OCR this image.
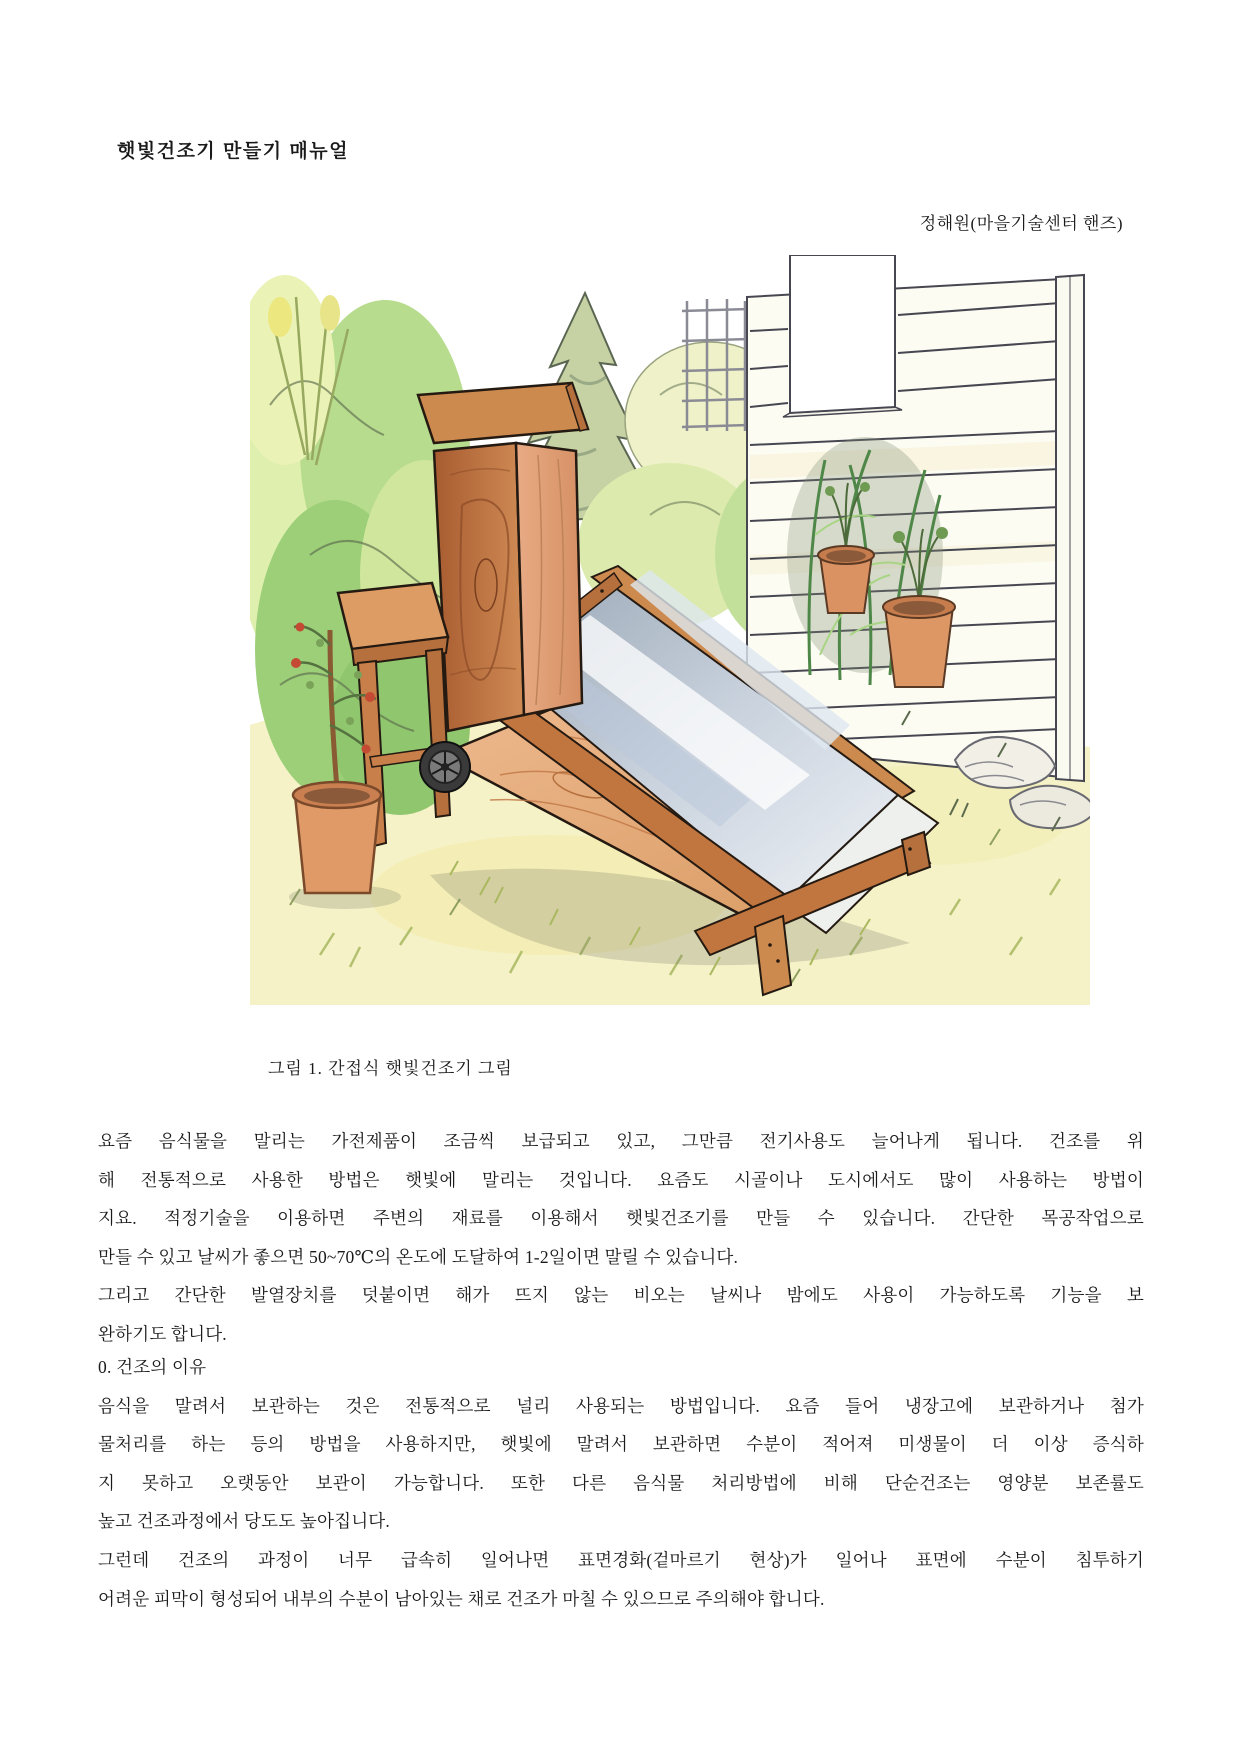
햇빛건조기 만들기 매뉴얼
정해원(마을기술센터 핸즈)
그림 1. 간접식 햇빛건조기 그림
요즘 음식물을 말리는 가전제품이 조금씩 보급되고 있고, 그만큼 전기사용도 늘어나게 됩니다. 건조를 위
해 전통적으로 사용한 방법은 햇빛에 말리는 것입니다. 요즘도 시골이나 도시에서도 많이 사용하는 방법이
지요. 적정기술을 이용하면 주변의 재료를 이용해서 햇빛건조기를 만들 수 있습니다. 간단한 목공작업으로
만들 수 있고 날씨가 좋으면 50~70℃의 온도에 도달하여 1-2일이면 말릴 수 있습니다.
그리고 간단한 발열장치를 덧붙이면 해가 뜨지 않는 비오는 날씨나 밤에도 사용이 가능하도록 기능을 보
완하기도 합니다.
0. 건조의 이유
음식을 말려서 보관하는 것은 전통적으로 널리 사용되는 방법입니다. 요즘 들어 냉장고에 보관하거나 첨가
물처리를 하는 등의 방법을 사용하지만, 햇빛에 말려서 보관하면 수분이 적어져 미생물이 더 이상 증식하
지 못하고 오랫동안 보관이 가능합니다. 또한 다른 음식물 처리방법에 비해 단순건조는 영양분 보존률도
높고 건조과정에서 당도도 높아집니다.
그런데 건조의 과정이 너무 급속히 일어나면 표면경화(겉마르기 현상)가 일어나 표면에 수분이 침투하기
어려운 피막이 형성되어 내부의 수분이 남아있는 채로 건조가 마칠 수 있으므로 주의해야 합니다.
